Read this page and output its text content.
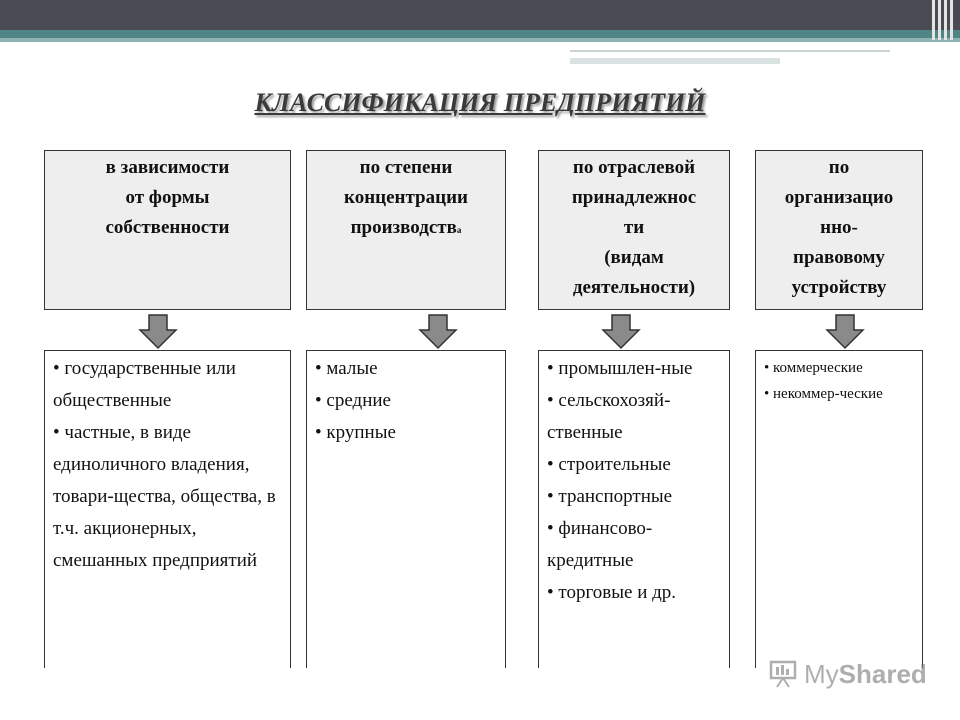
КЛАССИФИКАЦИЯ ПРЕДПРИЯТИЙ
в зависимости
от формы
собственности
по степени
концентрации
производства
по отраслевой
принадлежнос
ти
(видам
деятельности)
по
организацио
нно-
правовому
устройству
• государственные или общественные
• частные, в виде единоличного владения, товари-щества, общества, в т.ч. акционерных, смешанных предприятий
• малые
• средние
• крупные
• промышлен-ные
• сельскохозяй-ственные
• строительные
• транспортные
• финансово-кредитные
• торговые и др.
• коммерческие
• некоммер-ческие
MyShared
